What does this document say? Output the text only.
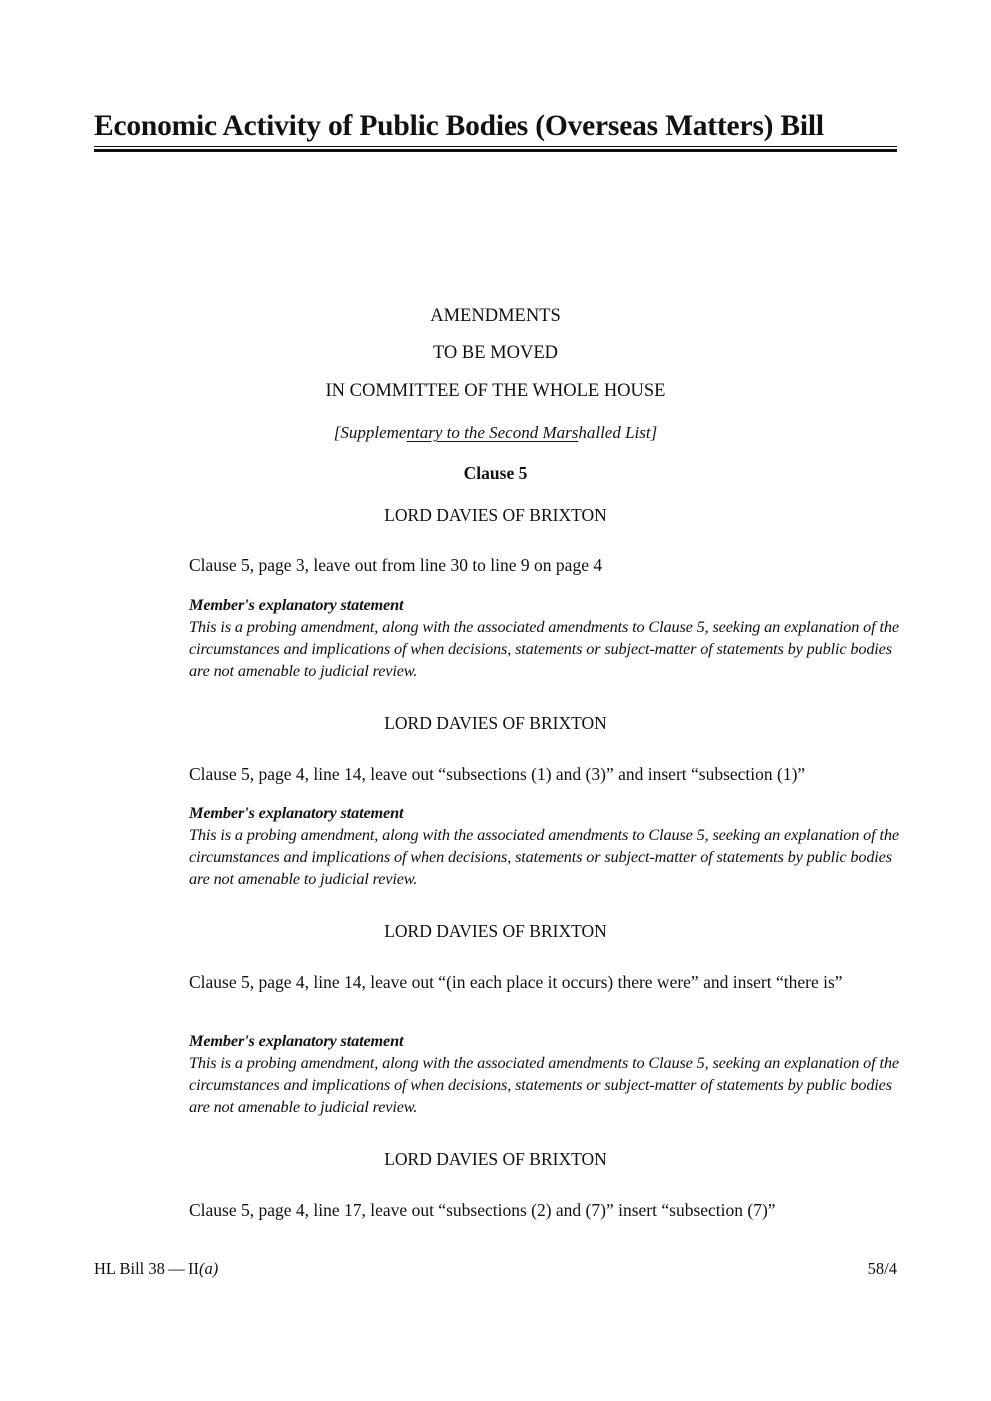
Economic Activity of Public Bodies (Overseas Matters) Bill
AMENDMENTS
TO BE MOVED
IN COMMITTEE OF THE WHOLE HOUSE
[Supplementary to the Second Marshalled List]
Clause 5
LORD DAVIES OF BRIXTON
Clause 5, page 3, leave out from line 30 to line 9 on page 4
Member's explanatory statement
This is a probing amendment, along with the associated amendments to Clause 5, seeking an explanation of the circumstances and implications of when decisions, statements or subject-matter of statements by public bodies are not amenable to judicial review.
LORD DAVIES OF BRIXTON
Clause 5, page 4, line 14, leave out “subsections (1) and (3)” and insert “subsection (1)”
Member's explanatory statement
This is a probing amendment, along with the associated amendments to Clause 5, seeking an explanation of the circumstances and implications of when decisions, statements or subject-matter of statements by public bodies are not amenable to judicial review.
LORD DAVIES OF BRIXTON
Clause 5, page 4, line 14, leave out “(in each place it occurs) there were” and insert “there is”
Member's explanatory statement
This is a probing amendment, along with the associated amendments to Clause 5, seeking an explanation of the circumstances and implications of when decisions, statements or subject-matter of statements by public bodies are not amenable to judicial review.
LORD DAVIES OF BRIXTON
Clause 5, page 4, line 17, leave out “subsections (2) and (7)” insert “subsection (7)”
HL Bill 38 — II(a)	58/4
